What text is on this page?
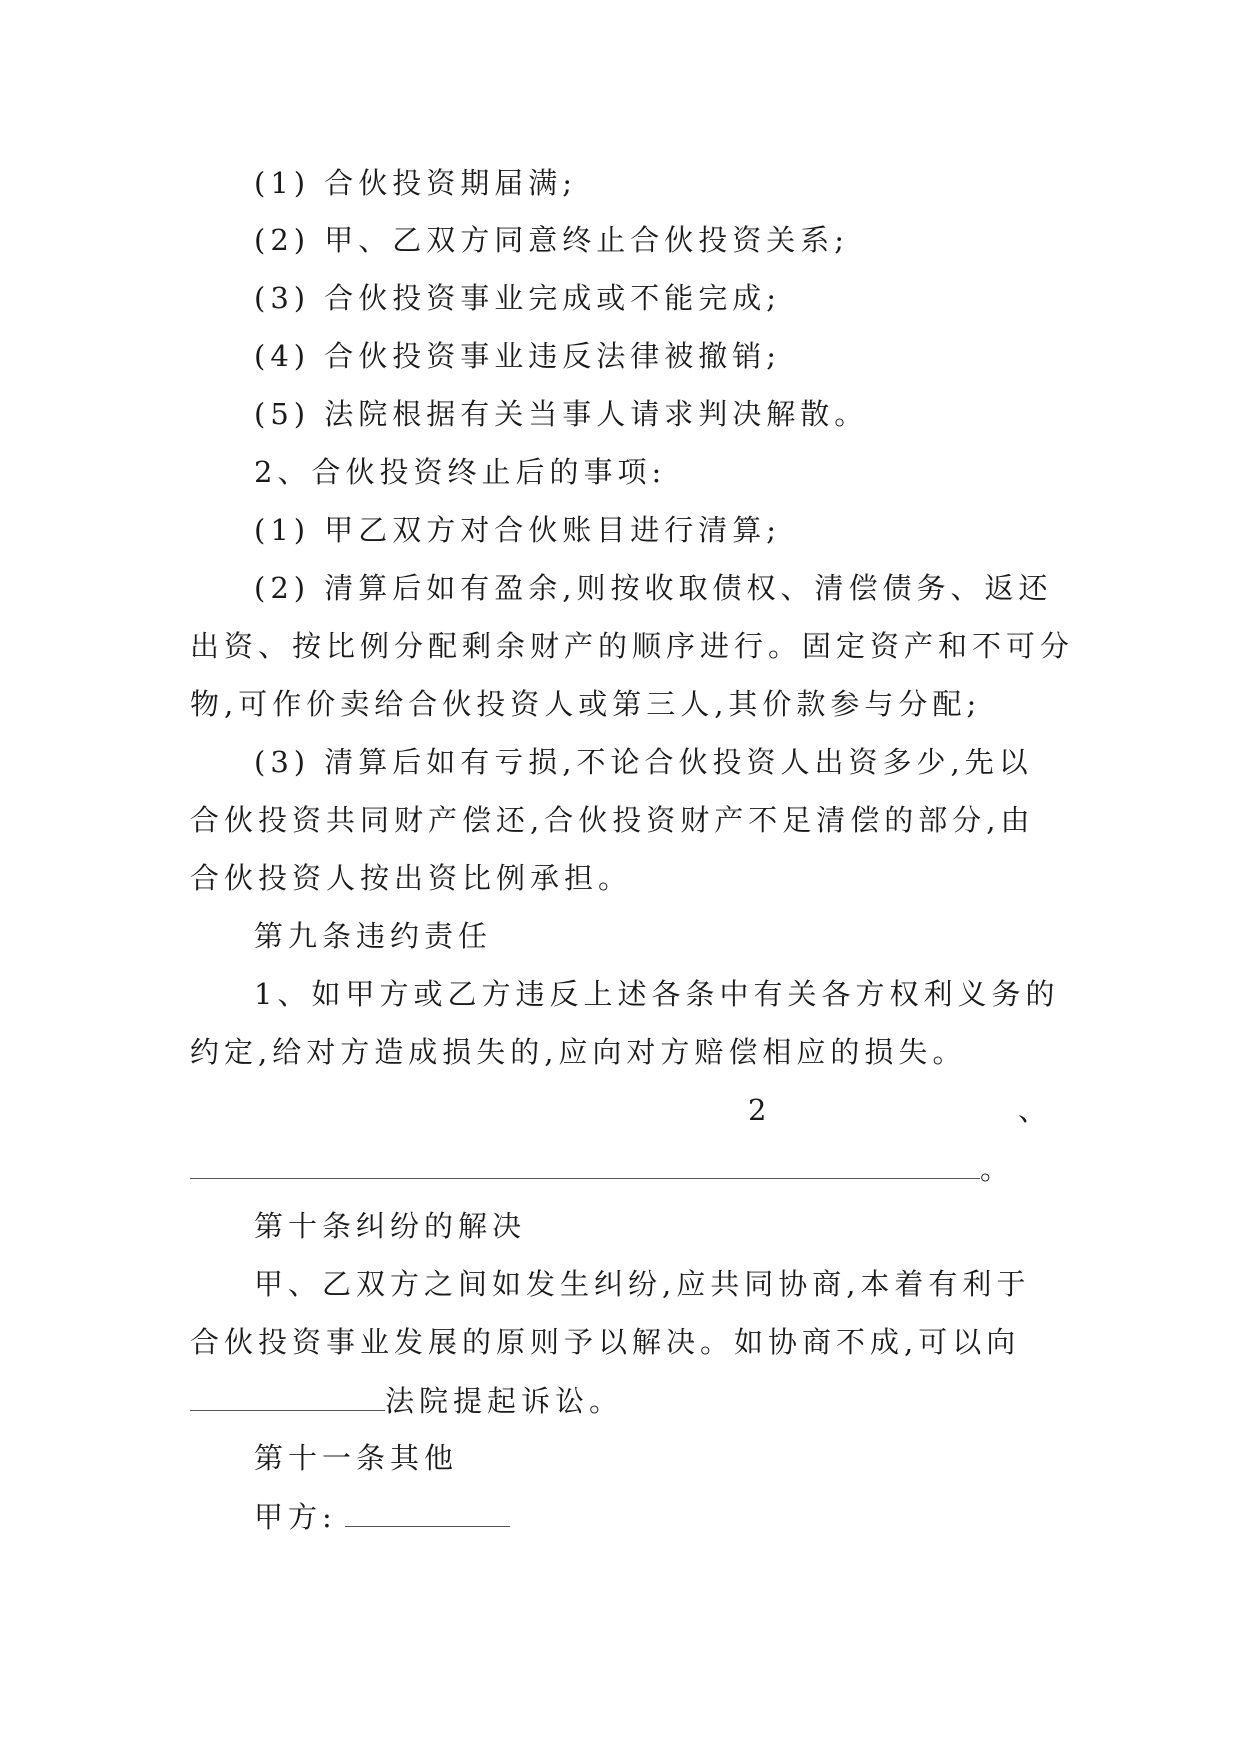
(1) 合伙投资期届满;
(2) 甲、乙双方同意终止合伙投资关系;
(3) 合伙投资事业完成或不能完成;
(4) 合伙投资事业违反法律被撤销;
(5) 法院根据有关当事人请求判决解散。
2、合伙投资终止后的事项:
(1) 甲乙双方对合伙账目进行清算;
(2) 清算后如有盈余,则按收取债权、清偿债务、返还
出资、按比例分配剩余财产的顺序进行。固定资产和不可分
物,可作价卖给合伙投资人或第三人,其价款参与分配;
(3) 清算后如有亏损,不论合伙投资人出资多少,先以
合伙投资共同财产偿还,合伙投资财产不足清偿的部分,由
合伙投资人按出资比例承担。
第九条违约责任
1、如甲方或乙方违反上述各条中有关各方权利义务的
约定,给对方造成损失的,应向对方赔偿相应的损失。
2	、
。
第十条纠纷的解决
甲、乙双方之间如发生纠纷,应共同协商,本着有利于
合伙投资事业发展的原则予以解决。如协商不成,可以向
法院提起诉讼。
第十一条其他
甲方:
